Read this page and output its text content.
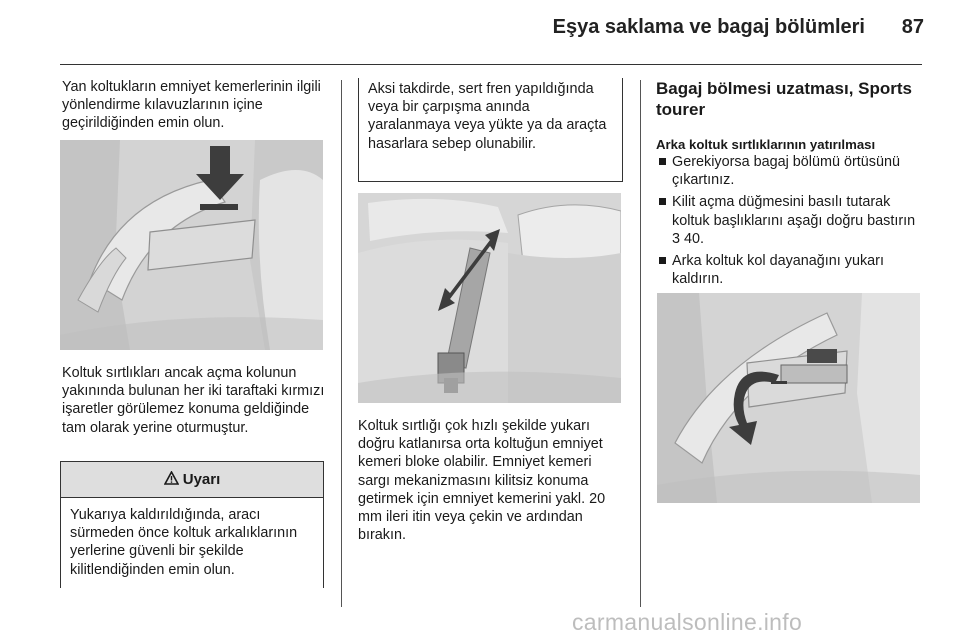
Eşya saklama ve bagaj bölümleri	87
Yan koltukların emniyet kemerlerinin ilgili yönlendirme kılavuzlarının içine geçirildiğinden emin olun.
Koltuk sırtlıkları ancak açma kolunun yakınında bulunan her iki taraftaki kırmızı işaretler görülemez konuma geldiğinde tam olarak yerine oturmuştur.
Uyarı
Yukarıya kaldırıldığında, aracı sürmeden önce koltuk arkalıklarının yerlerine güvenli bir şekilde kilitlendiğinden emin olun.
Aksi takdirde, sert fren yapıldığında veya bir çarpışma anında yaralanmaya veya yükte ya da araçta hasarlara sebep olunabilir.
Koltuk sırtlığı çok hızlı şekilde yukarı doğru katlanırsa orta koltuğun emniyet kemeri bloke olabilir. Emniyet kemeri sargı mekanizmasını kilitsiz konuma getirmek için emniyet kemerini yakl. 20 mm ileri itin veya çekin ve ardından bırakın.
Bagaj bölmesi uzatması, Sports tourer
Arka koltuk sırtlıklarının yatırılması
Gerekiyorsa bagaj bölümü örtüsünü çıkartınız.
Kilit açma düğmesini basılı tutarak koltuk başlıklarını aşağı doğru bastırın 3 40.
Arka koltuk kol dayanağını yukarı kaldırın.
carmanualsonline.info
